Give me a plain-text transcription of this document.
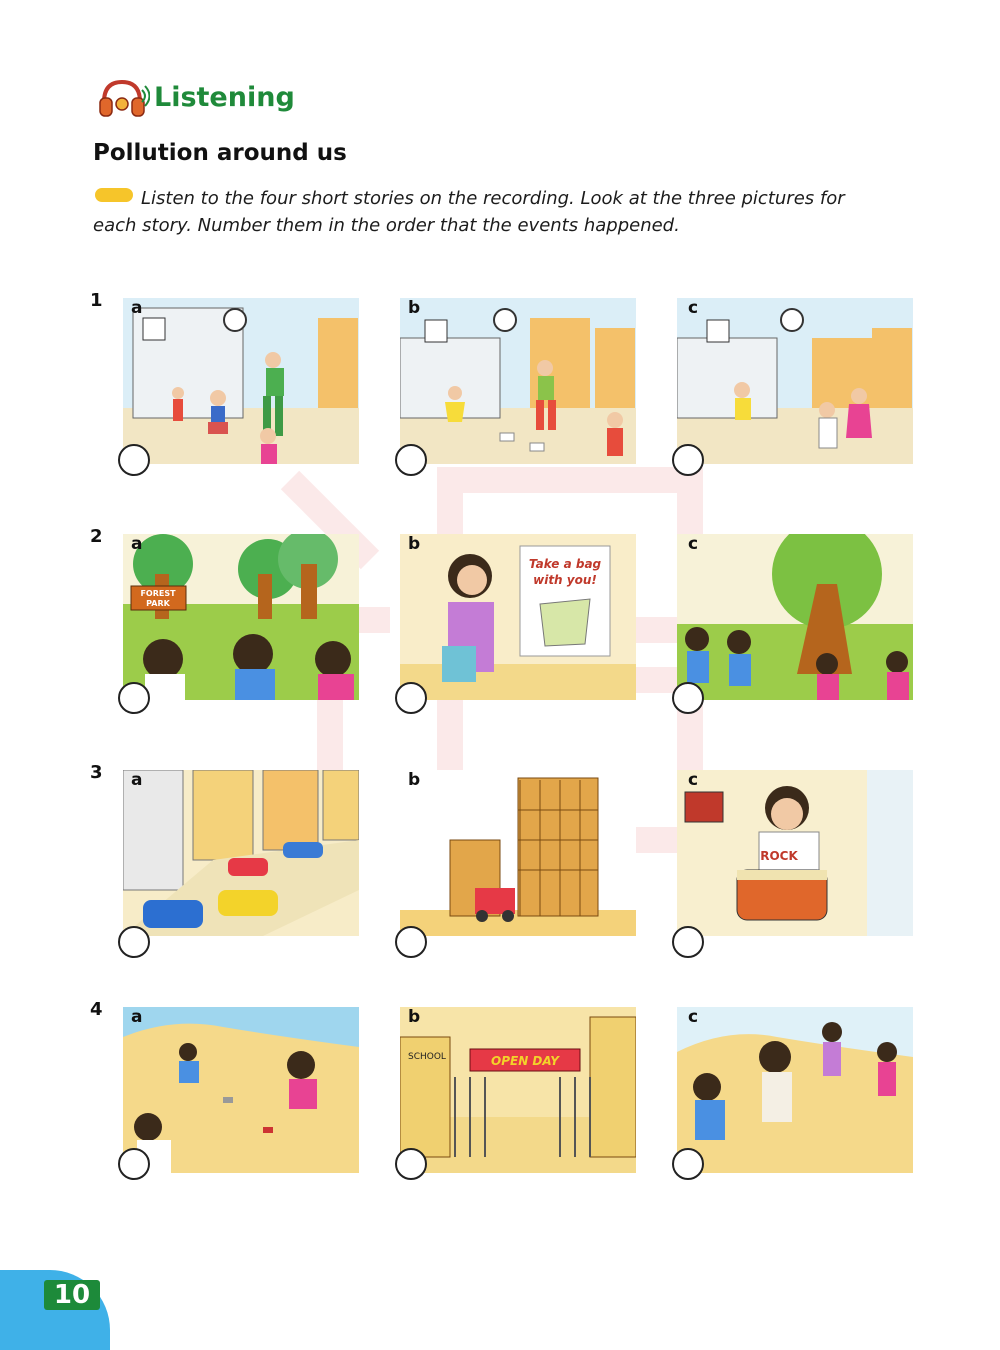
Listening
Pollution around us
Listen to the four short stories on the recording. Look at the three pictures for each story. Number them in the order that the events happened.
1 a	b	c
2
FOREST
PARK
a
Take a bag
with you!
b	c
3 a	b
ROCK
c
4 a
SCHOOL	OPEN DAY
b	c
10
